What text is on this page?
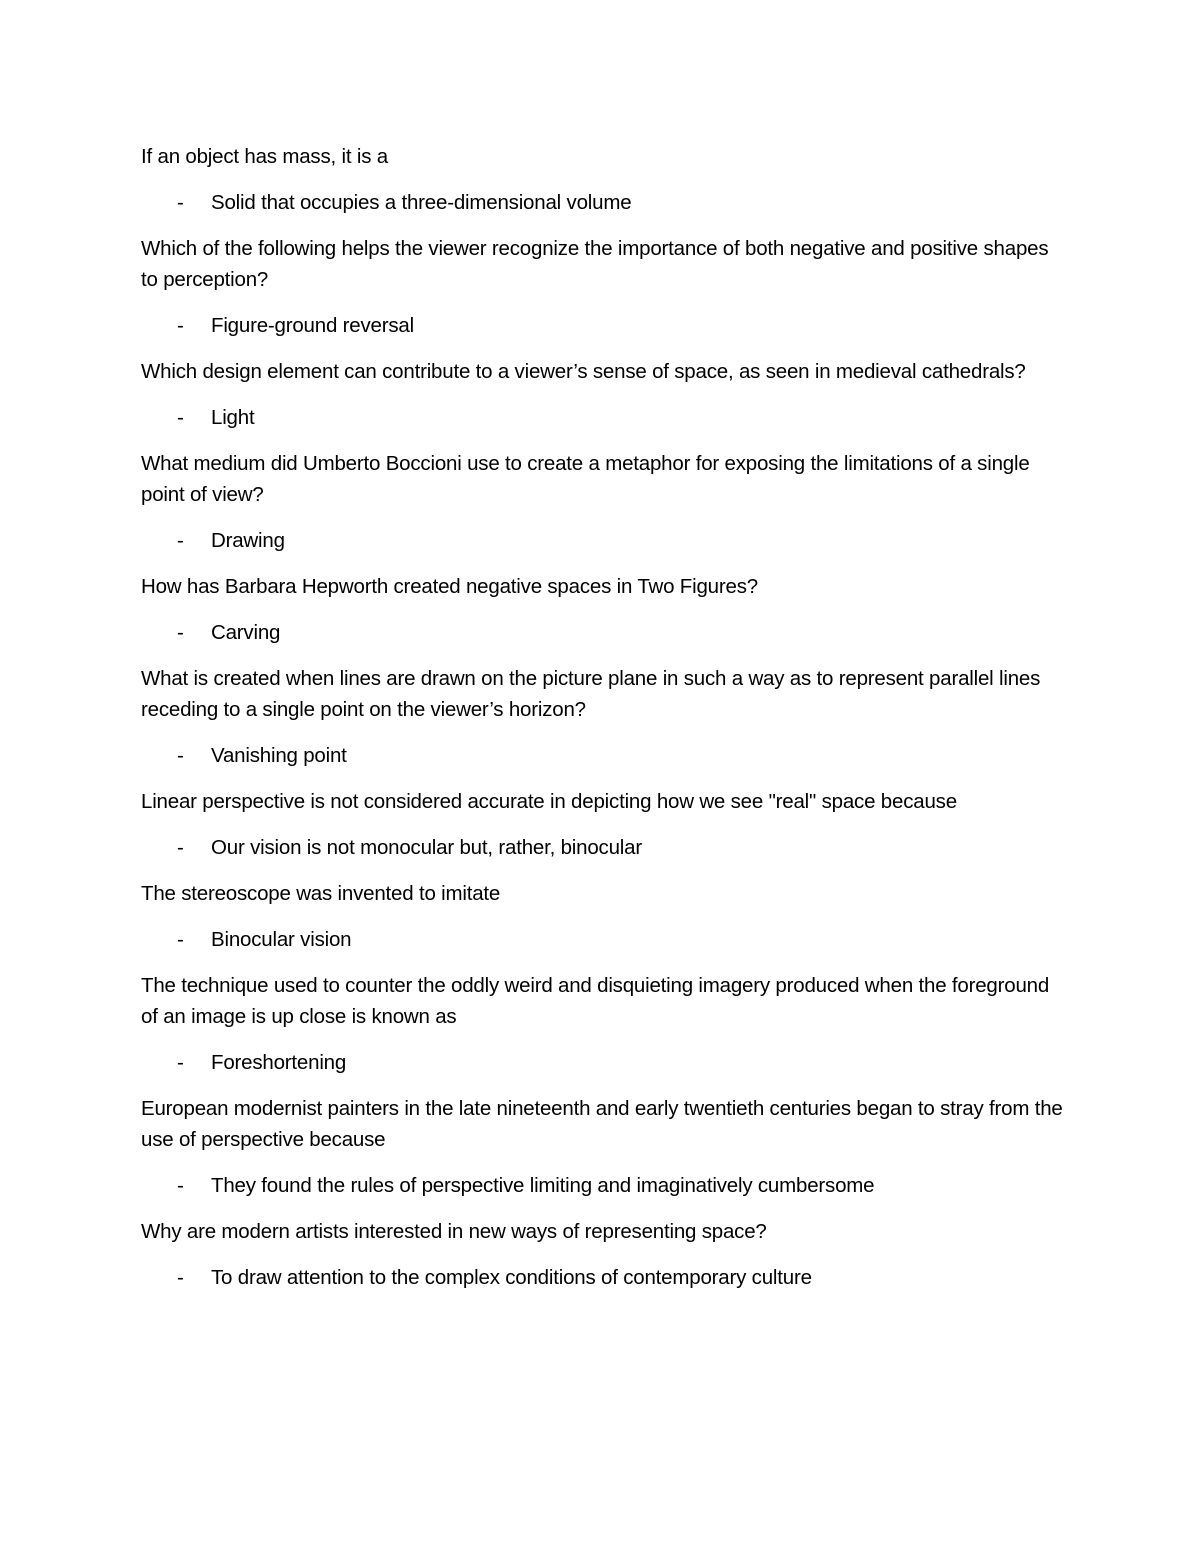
If an object has mass, it is a

- Solid that occupies a three-dimensional volume

Which of the following helps the viewer recognize the importance of both negative and positive shapes to perception?

- Figure-ground reversal

Which design element can contribute to a viewer’s sense of space, as seen in medieval cathedrals?

- Light

What medium did Umberto Boccioni use to create a metaphor for exposing the limitations of a single point of view?

- Drawing

How has Barbara Hepworth created negative spaces in Two Figures?

- Carving

What is created when lines are drawn on the picture plane in such a way as to represent parallel lines receding to a single point on the viewer’s horizon?

- Vanishing point

Linear perspective is not considered accurate in depicting how we see "real" space because

- Our vision is not monocular but, rather, binocular

The stereoscope was invented to imitate

- Binocular vision

The technique used to counter the oddly weird and disquieting imagery produced when the foreground of an image is up close is known as

- Foreshortening

European modernist painters in the late nineteenth and early twentieth centuries began to stray from the use of perspective because

- They found the rules of perspective limiting and imaginatively cumbersome

Why are modern artists interested in new ways of representing space?

- To draw attention to the complex conditions of contemporary culture
